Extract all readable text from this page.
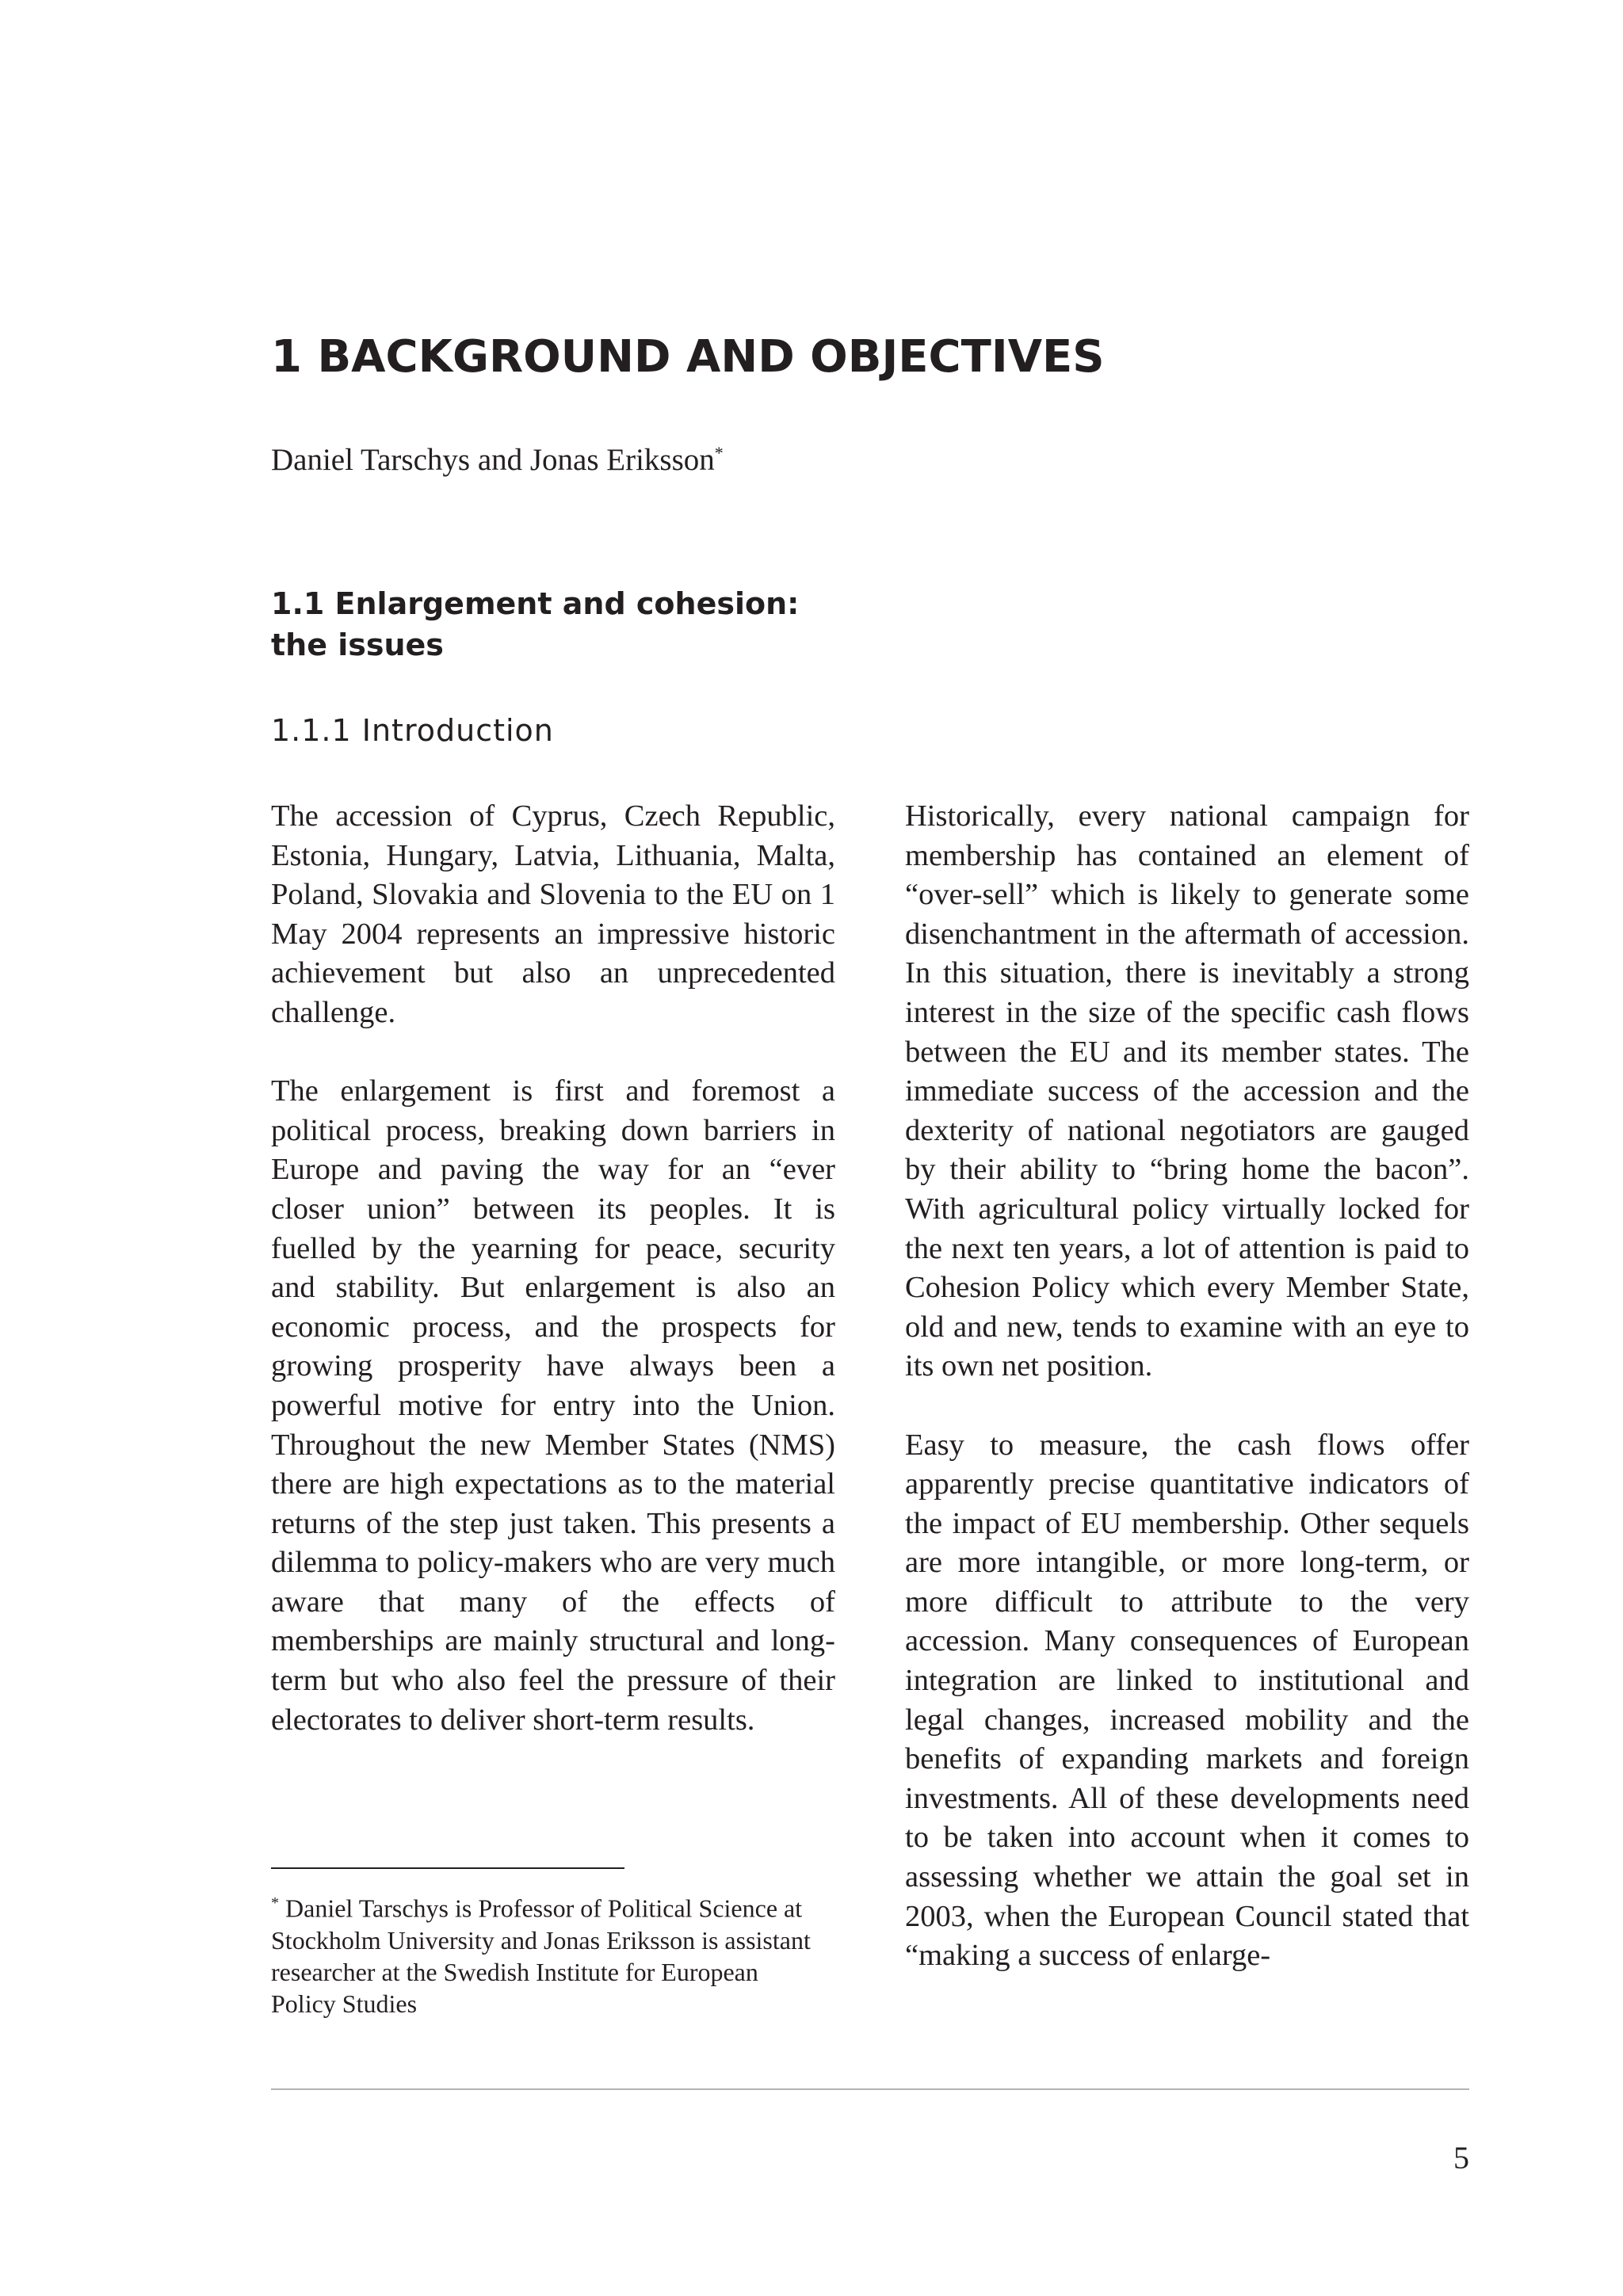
1 BACKGROUND AND OBJECTIVES
Daniel Tarschys and Jonas Eriksson*
1.1 Enlargement and cohesion:
the issues
1.1.1 Introduction

The accession of Cyprus, Czech Republic, Estonia, Hungary, Latvia, Lithuania, Malta, Poland, Slovakia and Slovenia to the EU on 1 May 2004 represents an impressive historic achievement but also an unprecedented challenge.

The enlargement is first and foremost a political process, breaking down barriers in Europe and paving the way for an “ever closer union” between its peoples. It is fuelled by the yearning for peace, security and stability. But enlargement is also an economic process, and the prospects for growing prosperity have always been a powerful motive for entry into the Union. Throughout the new Member States (NMS) there are high expectations as to the material returns of the step just taken. This presents a dilemma to policy-makers who are very much aware that many of the effects of memberships are mainly structural and long-term but who also feel the pressure of their electorates to deliver short-term results.

Historically, every national campaign for membership has contained an element of “over-sell” which is likely to generate some disenchantment in the aftermath of accession. In this situation, there is inevitably a strong interest in the size of the specific cash flows between the EU and its member states. The immediate success of the accession and the dexterity of national negotiators are gauged by their ability to “bring home the bacon”. With agricultural policy virtually locked for the next ten years, a lot of attention is paid to Cohesion Policy which every Member State, old and new, tends to examine with an eye to its own net position.

Easy to measure, the cash flows offer apparently precise quantitative indicators of the impact of EU membership. Other sequels are more intangible, or more long-term, or more difficult to attribute to the very accession. Many consequences of European integration are linked to institutional and legal changes, increased mobility and the benefits of expanding markets and foreign investments. All of these developments need to be taken into account when it comes to assessing whether we attain the goal set in 2003, when the European Council stated that “making a success of enlarge-

* Daniel Tarschys is Professor of Political Science at Stockholm University and Jonas Eriksson is assistant researcher at the Swedish Institute for European Policy Studies
5
